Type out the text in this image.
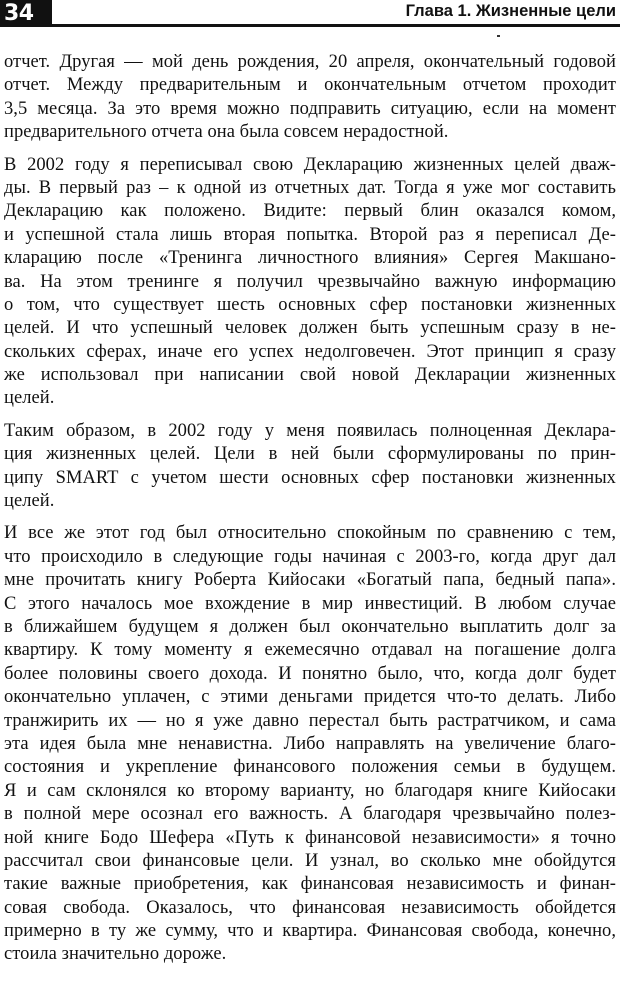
34	Глава 1. Жизненные цели
отчет. Другая — мой день рождения, 20 апреля, окончательный годовой
отчет. Между предварительным и окончательным отчетом проходит
3,5 месяца. За это время можно подправить ситуацию, если на момент
предварительного отчета она была совсем нерадостной.
В 2002 году я переписывал свою Декларацию жизненных целей дваж-
ды. В первый раз – к одной из отчетных дат. Тогда я уже мог составить
Декларацию как положено. Видите: первый блин оказался комом,
и успешной стала лишь вторая попытка. Второй раз я переписал Де-
кларацию после «Тренинга личностного влияния» Сергея Макшано-
ва. На этом тренинге я получил чрезвычайно важную информацию
о том, что существует шесть основных сфер постановки жизненных
целей. И что успешный человек должен быть успешным сразу в не-
скольких сферах, иначе его успех недолговечен. Этот принцип я сразу
же использовал при написании свой новой Декларации жизненных
целей.
Таким образом, в 2002 году у меня появилась полноценная Деклара-
ция жизненных целей. Цели в ней были сформулированы по прин-
ципу SMART с учетом шести основных сфер постановки жизненных
целей.
И все же этот год был относительно спокойным по сравнению с тем,
что происходило в следующие годы начиная с 2003-го, когда друг дал
мне прочитать книгу Роберта Кийосаки «Богатый папа, бедный папа».
С этого началось мое вхождение в мир инвестиций. В любом случае
в ближайшем будущем я должен был окончательно выплатить долг за
квартиру. К тому моменту я ежемесячно отдавал на погашение долга
более половины своего дохода. И понятно было, что, когда долг будет
окончательно уплачен, с этими деньгами придется что-то делать. Либо
транжирить их — но я уже давно перестал быть растратчиком, и сама
эта идея была мне ненавистна. Либо направлять на увеличение благо-
состояния и укрепление финансового положения семьи в будущем.
Я и сам склонялся ко второму варианту, но благодаря книге Кийосаки
в полной мере осознал его важность. А благодаря чрезвычайно полез-
ной книге Бодо Шефера «Путь к финансовой независимости» я точно
рассчитал свои финансовые цели. И узнал, во сколько мне обойдутся
такие важные приобретения, как финансовая независимость и финан-
совая свобода. Оказалось, что финансовая независимость обойдется
примерно в ту же сумму, что и квартира. Финансовая свобода, конечно,
стоила значительно дороже.
